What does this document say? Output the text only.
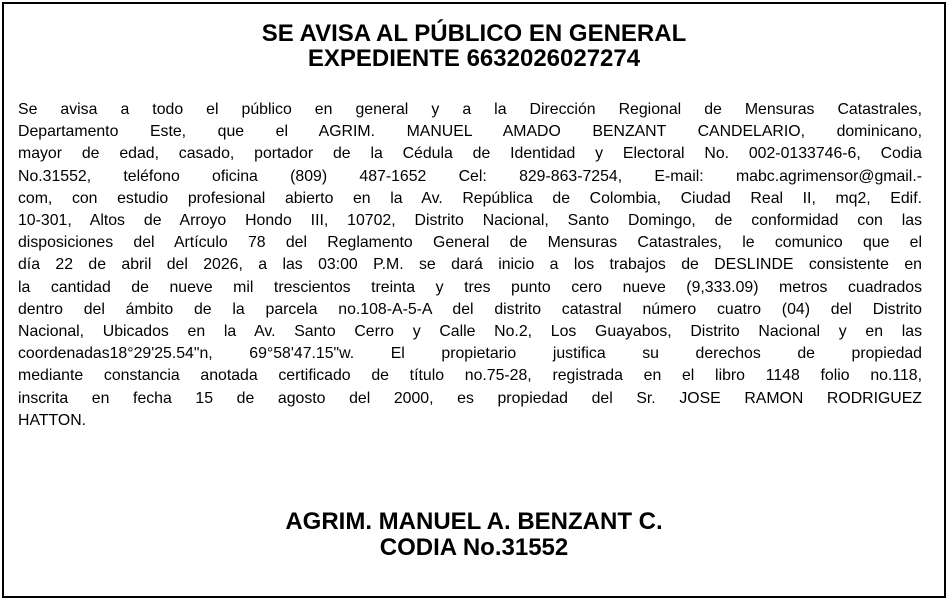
SE AVISA AL PÚBLICO EN GENERAL
EXPEDIENTE 6632026027274
Se avisa a todo el público en general y a la Dirección Regional de Mensuras Catastrales,
Departamento Este, que el AGRIM. MANUEL AMADO BENZANT CANDELARIO, dominicano,
mayor de edad, casado, portador de la Cédula de Identidad y Electoral No. 002-0133746-6, Codia
No.31552, teléfono oficina (809) 487-1652 Cel: 829-863-7254, E-mail: mabc.agrimensor@gmail.-
com, con estudio profesional abierto en la Av. República de Colombia, Ciudad Real II, mq2, Edif.
10-301, Altos de Arroyo Hondo III, 10702, Distrito Nacional, Santo Domingo, de conformidad con las
disposiciones del Artículo 78 del Reglamento General de Mensuras Catastrales, le comunico que el
día 22 de abril del 2026, a las 03:00 P.M. se dará inicio a los trabajos de DESLINDE consistente en
la cantidad de nueve mil trescientos treinta y tres punto cero nueve (9,333.09) metros cuadrados
dentro del ámbito de la parcela no.108-A-5-A del distrito catastral número cuatro (04) del Distrito
Nacional, Ubicados en la Av. Santo Cerro y Calle No.2, Los Guayabos, Distrito Nacional y en las
coordenadas18°29'25.54"n, 69°58'47.15"w. El propietario justifica su derechos de propiedad
mediante constancia anotada certificado de título no.75-28, registrada en el libro 1148 folio no.118,
inscrita en fecha 15 de agosto del 2000, es propiedad del Sr. JOSE RAMON RODRIGUEZ
HATTON.
AGRIM. MANUEL A. BENZANT C.
CODIA No.31552
